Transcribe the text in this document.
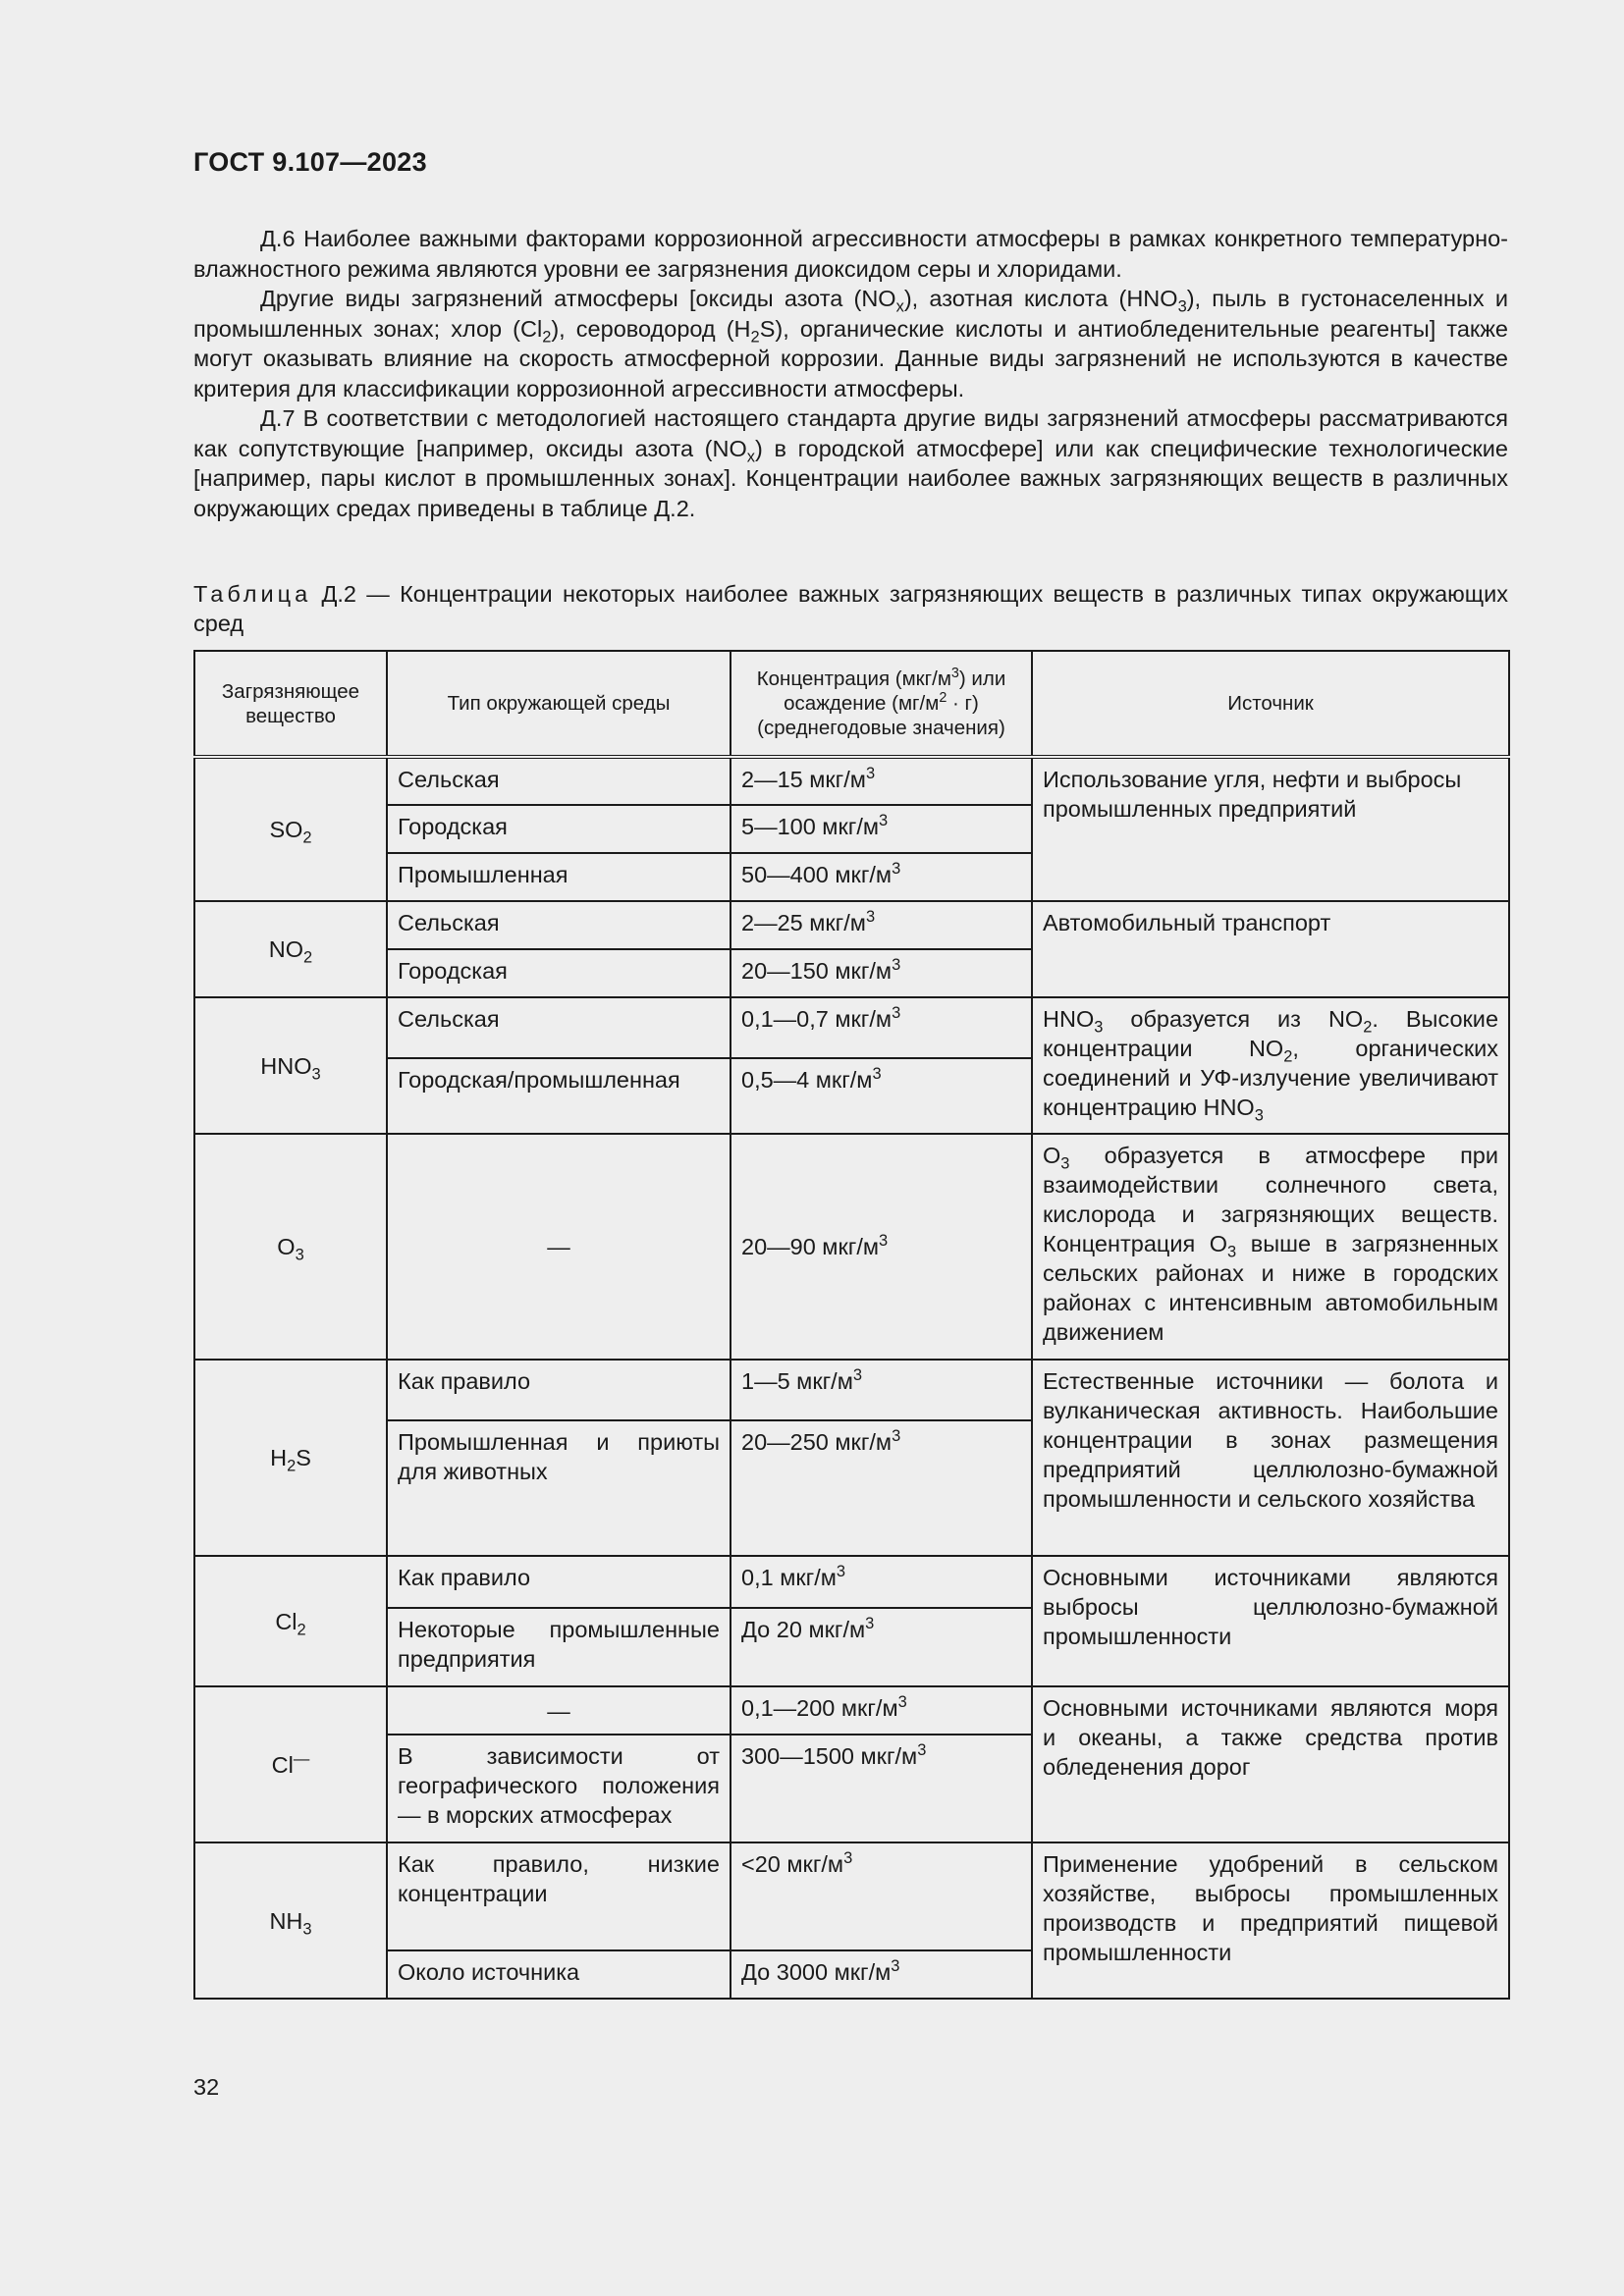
ГОСТ 9.107—2023

Д.6 Наиболее важными факторами коррозионной агрессивности атмосферы в рамках конкретного температурно-влажностного режима являются уровни ее загрязнения диоксидом серы и хлоридами.

Другие виды загрязнений атмосферы [оксиды азота $(NO_x)$, азотная кислота $(HNO_3)$, пыль в густонаселенных и промышленных зонах; хлор $(Cl_2)$, сероводород $(H_2S)$, органические кислоты и антиобледенительные реагенты] также могут оказывать влияние на скорость атмосферной коррозии. Данные виды загрязнений не используются в качестве критерия для классификации коррозионной агрессивности атмосферы.

Д.7 В соответствии с методологией настоящего стандарта другие виды загрязнений атмосферы рассматриваются как сопутствующие [например, оксиды азота $(NO_x)$ в городской атмосфере] или как специфические технологические [например, пары кислот в промышленных зонах]. Концентрации наиболее важных загрязняющих веществ в различных окружающих средах приведены в таблице Д.2.

Таблица Д.2 — Концентрации некоторых наиболее важных загрязняющих веществ в различных типах окружающих сред
Загрязняющее вещество	Тип окружающей среды	Концентрация $(мкг/м^3)$ или осаждение $(мг/м^2 \cdot г)$ (среднегодовые значения)	Источник
$SO_2$	Сельская	2—15 мкг/$м^3$	Использование угля, нефти и выбросы промышленных предприятий
	Городская	5—100 мкг/$м^3$
	Промышленная	50—400 мкг/$м^3$
$NO_2$	Сельская	2—25 мкг/$м^3$	Автомобильный транспорт
	Городская	20—150 мкг/$м^3$
$HNO_3$	Сельская	0,1—0,7 мкг/$м^3$	$HNO_3$ образуется из $NO_2$. Высокие концентрации $NO_2$, органических соединений и УФ-излучение увеличивают концентрацию $HNO_3$
	Городская/промышленная	0,5—4 мкг/$м^3$
$O_3$	—	20—90 мкг/$м^3$	$O_3$ образуется в атмосфере при взаимодействии солнечного света, кислорода и загрязняющих веществ. Концентрация $O_3$ выше в загрязненных сельских районах и ниже в городских районах с интенсивным автомобильным движением
$H_2S$	Как правило	1—5 мкг/$м^3$	Естественные источники — болота и вулканическая активность. Наибольшие концентрации в зонах размещения предприятий целлюлозно-бумажной промышленности и сельского хозяйства
	Промышленная и приюты для животных	20—250 мкг/$м^3$
$Cl_2$	Как правило	0,1 мкг/$м^3$	Основными источниками являются выбросы целлюлозно-бумажной промышленности
	Некоторые промышленные предприятия	До 20 мкг/$м^3$
Cl—	—	0,1—200 мкг/$м^3$	Основными источниками являются моря и океаны, а также средства против обледенения дорог
	В зависимости от географического положения — в морских атмосферах	300—1500 мкг/$м^3$
$NH_3$	Как правило, низкие концентрации	<20 мкг/$м^3$	Применение удобрений в сельском хозяйстве, выбросы промышленных производств и предприятий пищевой промышленности
	Около источника	До 3000 мкг/$м^3$
32
